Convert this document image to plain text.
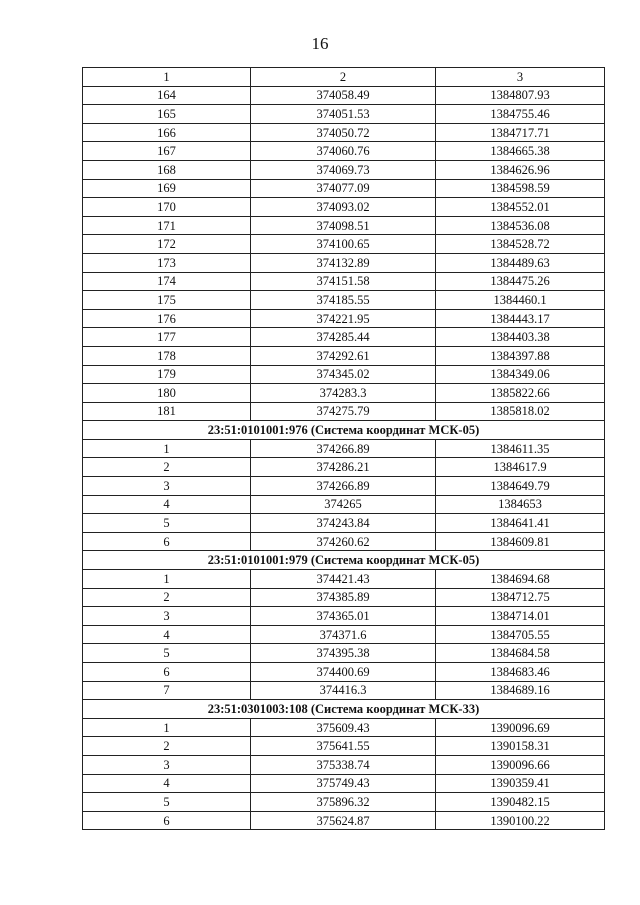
16
1	2	3
164	374058.49	1384807.93
165	374051.53	1384755.46
166	374050.72	1384717.71
167	374060.76	1384665.38
168	374069.73	1384626.96
169	374077.09	1384598.59
170	374093.02	1384552.01
171	374098.51	1384536.08
172	374100.65	1384528.72
173	374132.89	1384489.63
174	374151.58	1384475.26
175	374185.55	1384460.1
176	374221.95	1384443.17
177	374285.44	1384403.38
178	374292.61	1384397.88
179	374345.02	1384349.06
180	374283.3	1385822.66
181	374275.79	1385818.02
23:51:0101001:976 (Система координат МСК-05)		
1	374266.89	1384611.35
2	374286.21	1384617.9
3	374266.89	1384649.79
4	374265	1384653
5	374243.84	1384641.41
6	374260.62	1384609.81
23:51:0101001:979 (Система координат МСК-05)		
1	374421.43	1384694.68
2	374385.89	1384712.75
3	374365.01	1384714.01
4	374371.6	1384705.55
5	374395.38	1384684.58
6	374400.69	1384683.46
7	374416.3	1384689.16
23:51:0301003:108 (Система координат МСК-33)		
1	375609.43	1390096.69
2	375641.55	1390158.31
3	375338.74	1390096.66
4	375749.43	1390359.41
5	375896.32	1390482.15
6	375624.87	1390100.22
